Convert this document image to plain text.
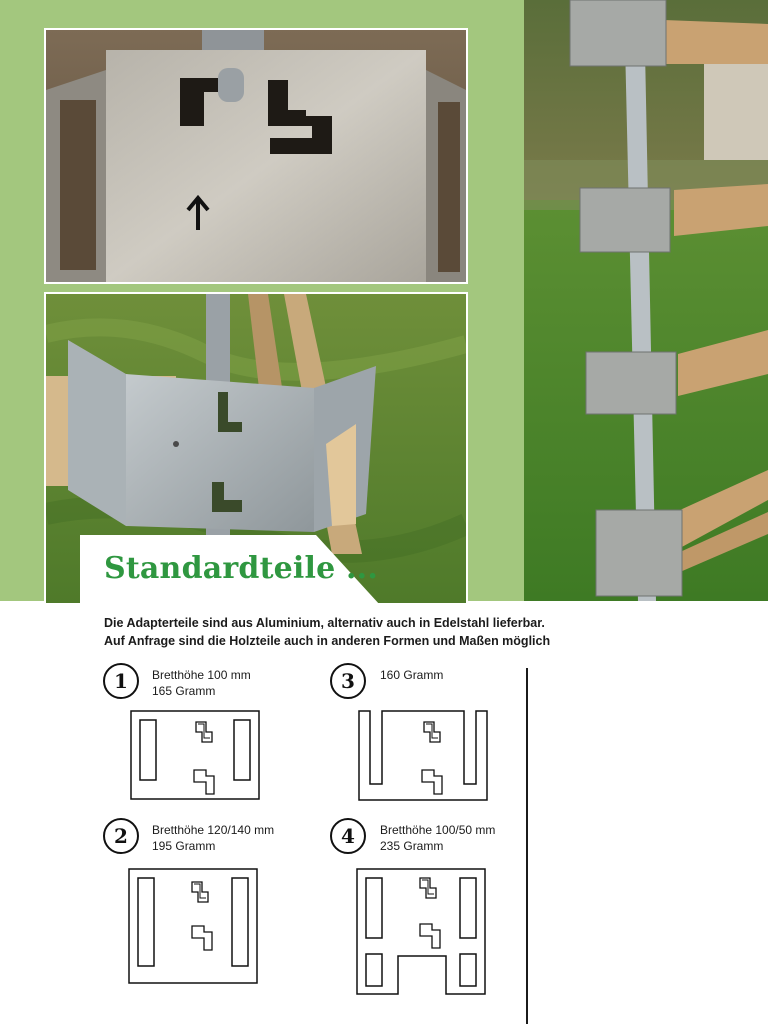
Standardteile ...
Die Adapterteile sind aus Aluminium, alternativ auch in Edelstahl lieferbar.
Auf Anfrage sind die Holzteile auch in anderen Formen und Maßen möglich
1	Bretthöhe 100 mm
165 Gramm	3	160 Gramm
2	Bretthöhe 120/140 mm
195 Gramm	4	Bretthöhe 100/50 mm
235 Gramm
